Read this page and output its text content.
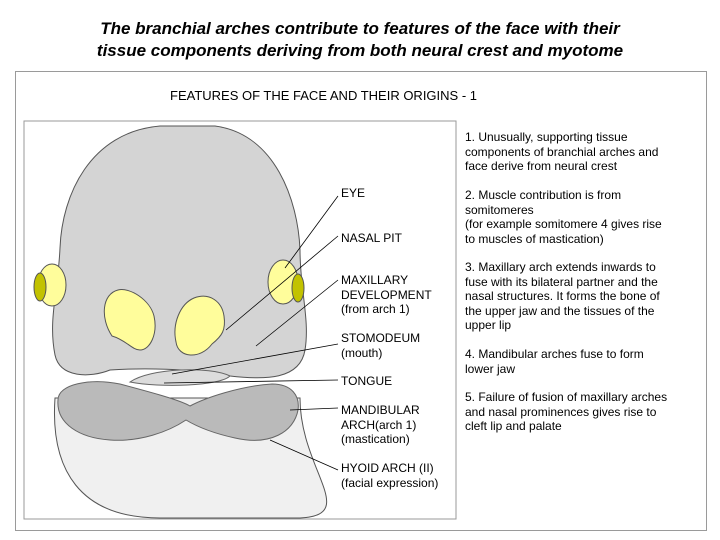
The branchial arches contribute to features of the face with their
tissue components deriving from both neural crest and myotome
FEATURES OF THE FACE AND THEIR ORIGINS - 1
EYE
NASAL PIT
MAXILLARY
DEVELOPMENT
(from arch 1)
STOMODEUM
(mouth)
TONGUE
MANDIBULAR
ARCH(arch 1)
(mastication)
HYOID ARCH (II)
(facial expression)
1. Unusually, supporting tissue
components of branchial arches and
face derive from neural crest
2. Muscle contribution is from
somitomeres
(for example somitomere 4 gives rise
to muscles of mastication)
3. Maxillary arch extends inwards to
fuse with its bilateral partner and the
nasal structures. It forms the bone of
the upper jaw and the tissues of the
upper lip
4. Mandibular arches fuse to form
lower jaw
5. Failure of fusion of maxillary arches
and nasal prominences gives rise to
cleft lip and palate
